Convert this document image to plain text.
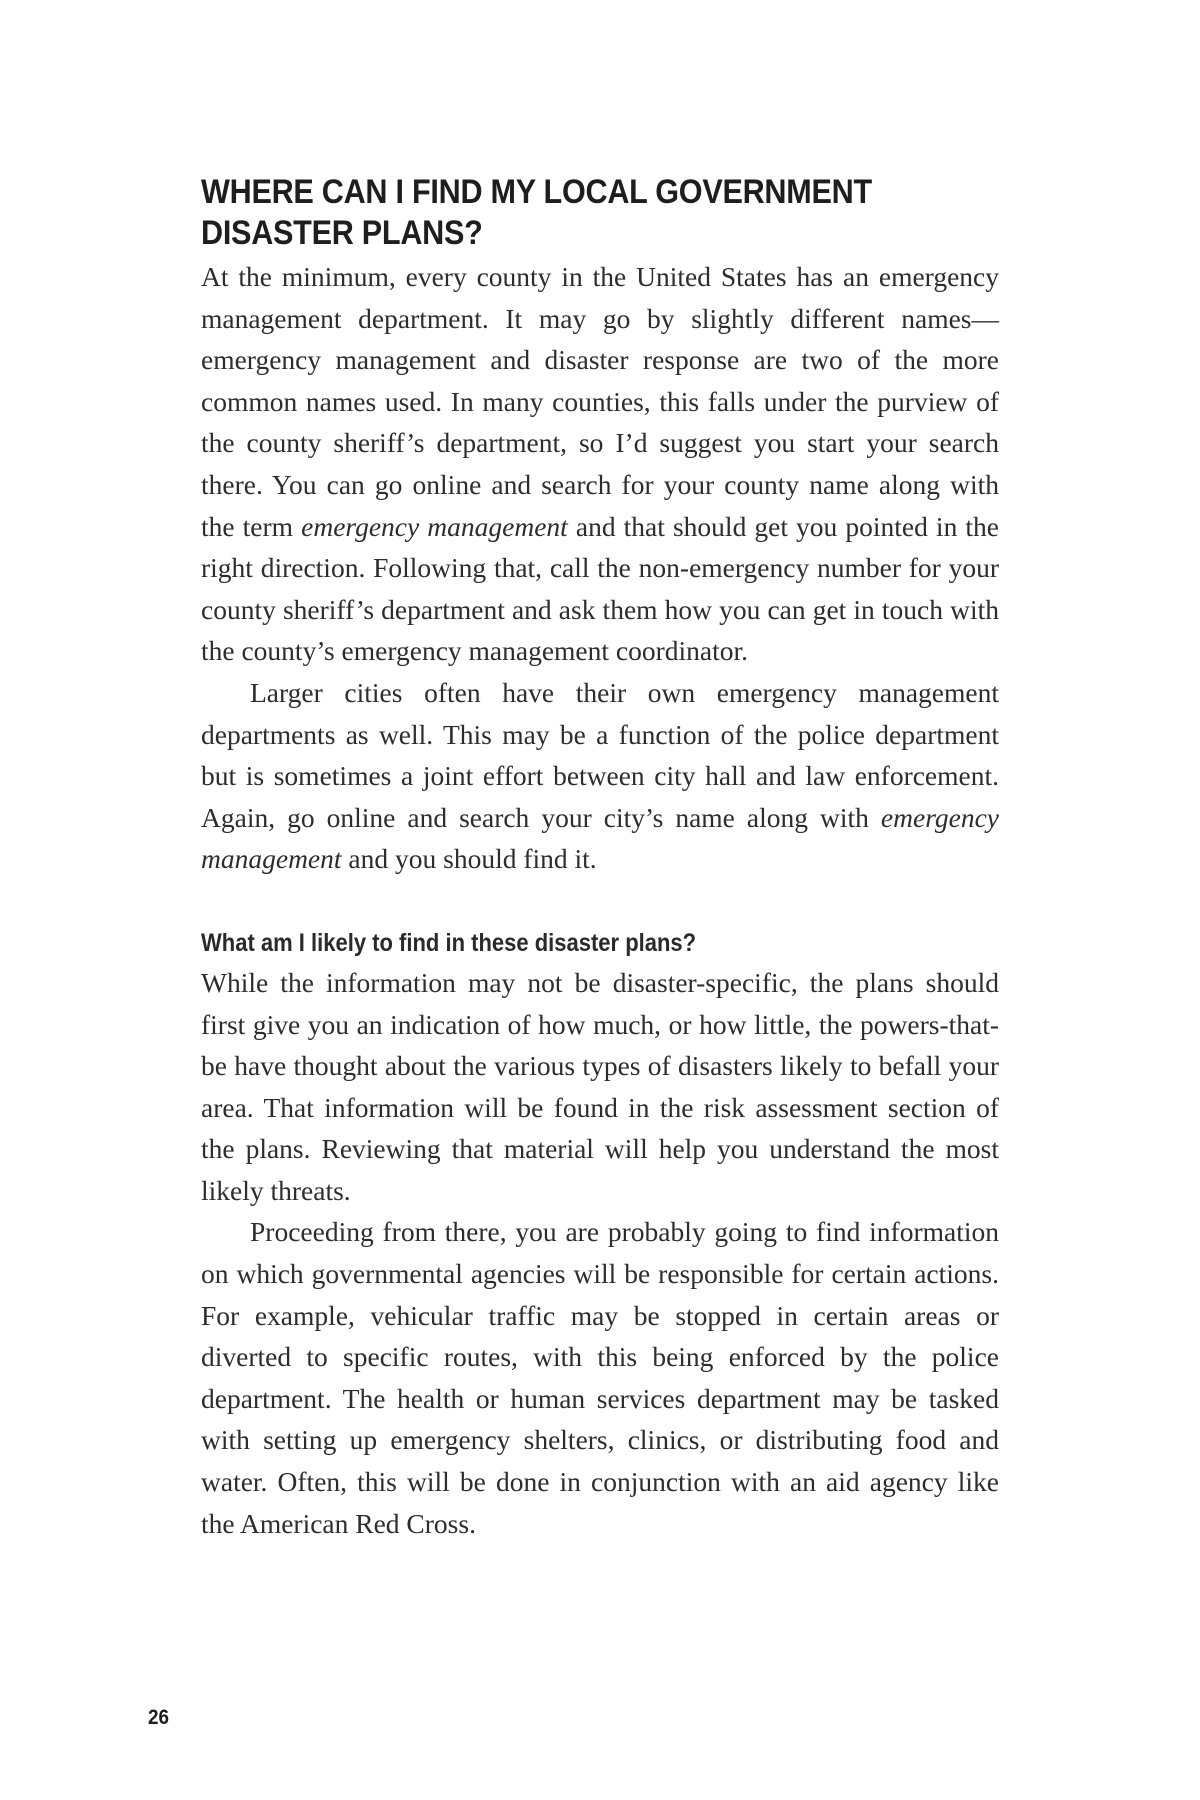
WHERE CAN I FIND MY LOCAL GOVERNMENT
DISASTER PLANS?

At the minimum, every county in the United States has an emergency management department. It may go by slightly different names—emergency management and disaster response are two of the more common names used. In many counties, this falls under the purview of the county sheriff’s department, so I’d suggest you start your search there. You can go online and search for your county name along with the term emergency management and that should get you pointed in the right direction. Following that, call the non-emergency number for your county sheriff’s department and ask them how you can get in touch with the county’s emergency management coordinator.

Larger cities often have their own emergency management departments as well. This may be a function of the police department but is sometimes a joint effort between city hall and law enforcement. Again, go online and search your city’s name along with emergency management and you should find it.

What am I likely to find in these disaster plans?

While the information may not be disaster-specific, the plans should first give you an indication of how much, or how little, the powers-that-be have thought about the various types of disasters likely to befall your area. That information will be found in the risk assessment section of the plans. Reviewing that material will help you understand the most likely threats.

Proceeding from there, you are probably going to find information on which governmental agencies will be responsible for certain actions. For example, vehicular traffic may be stopped in certain areas or diverted to specific routes, with this being enforced by the police department. The health or human services department may be tasked with setting up emergency shelters, clinics, or distributing food and water. Often, this will be done in conjunction with an aid agency like the American Red Cross.

26
